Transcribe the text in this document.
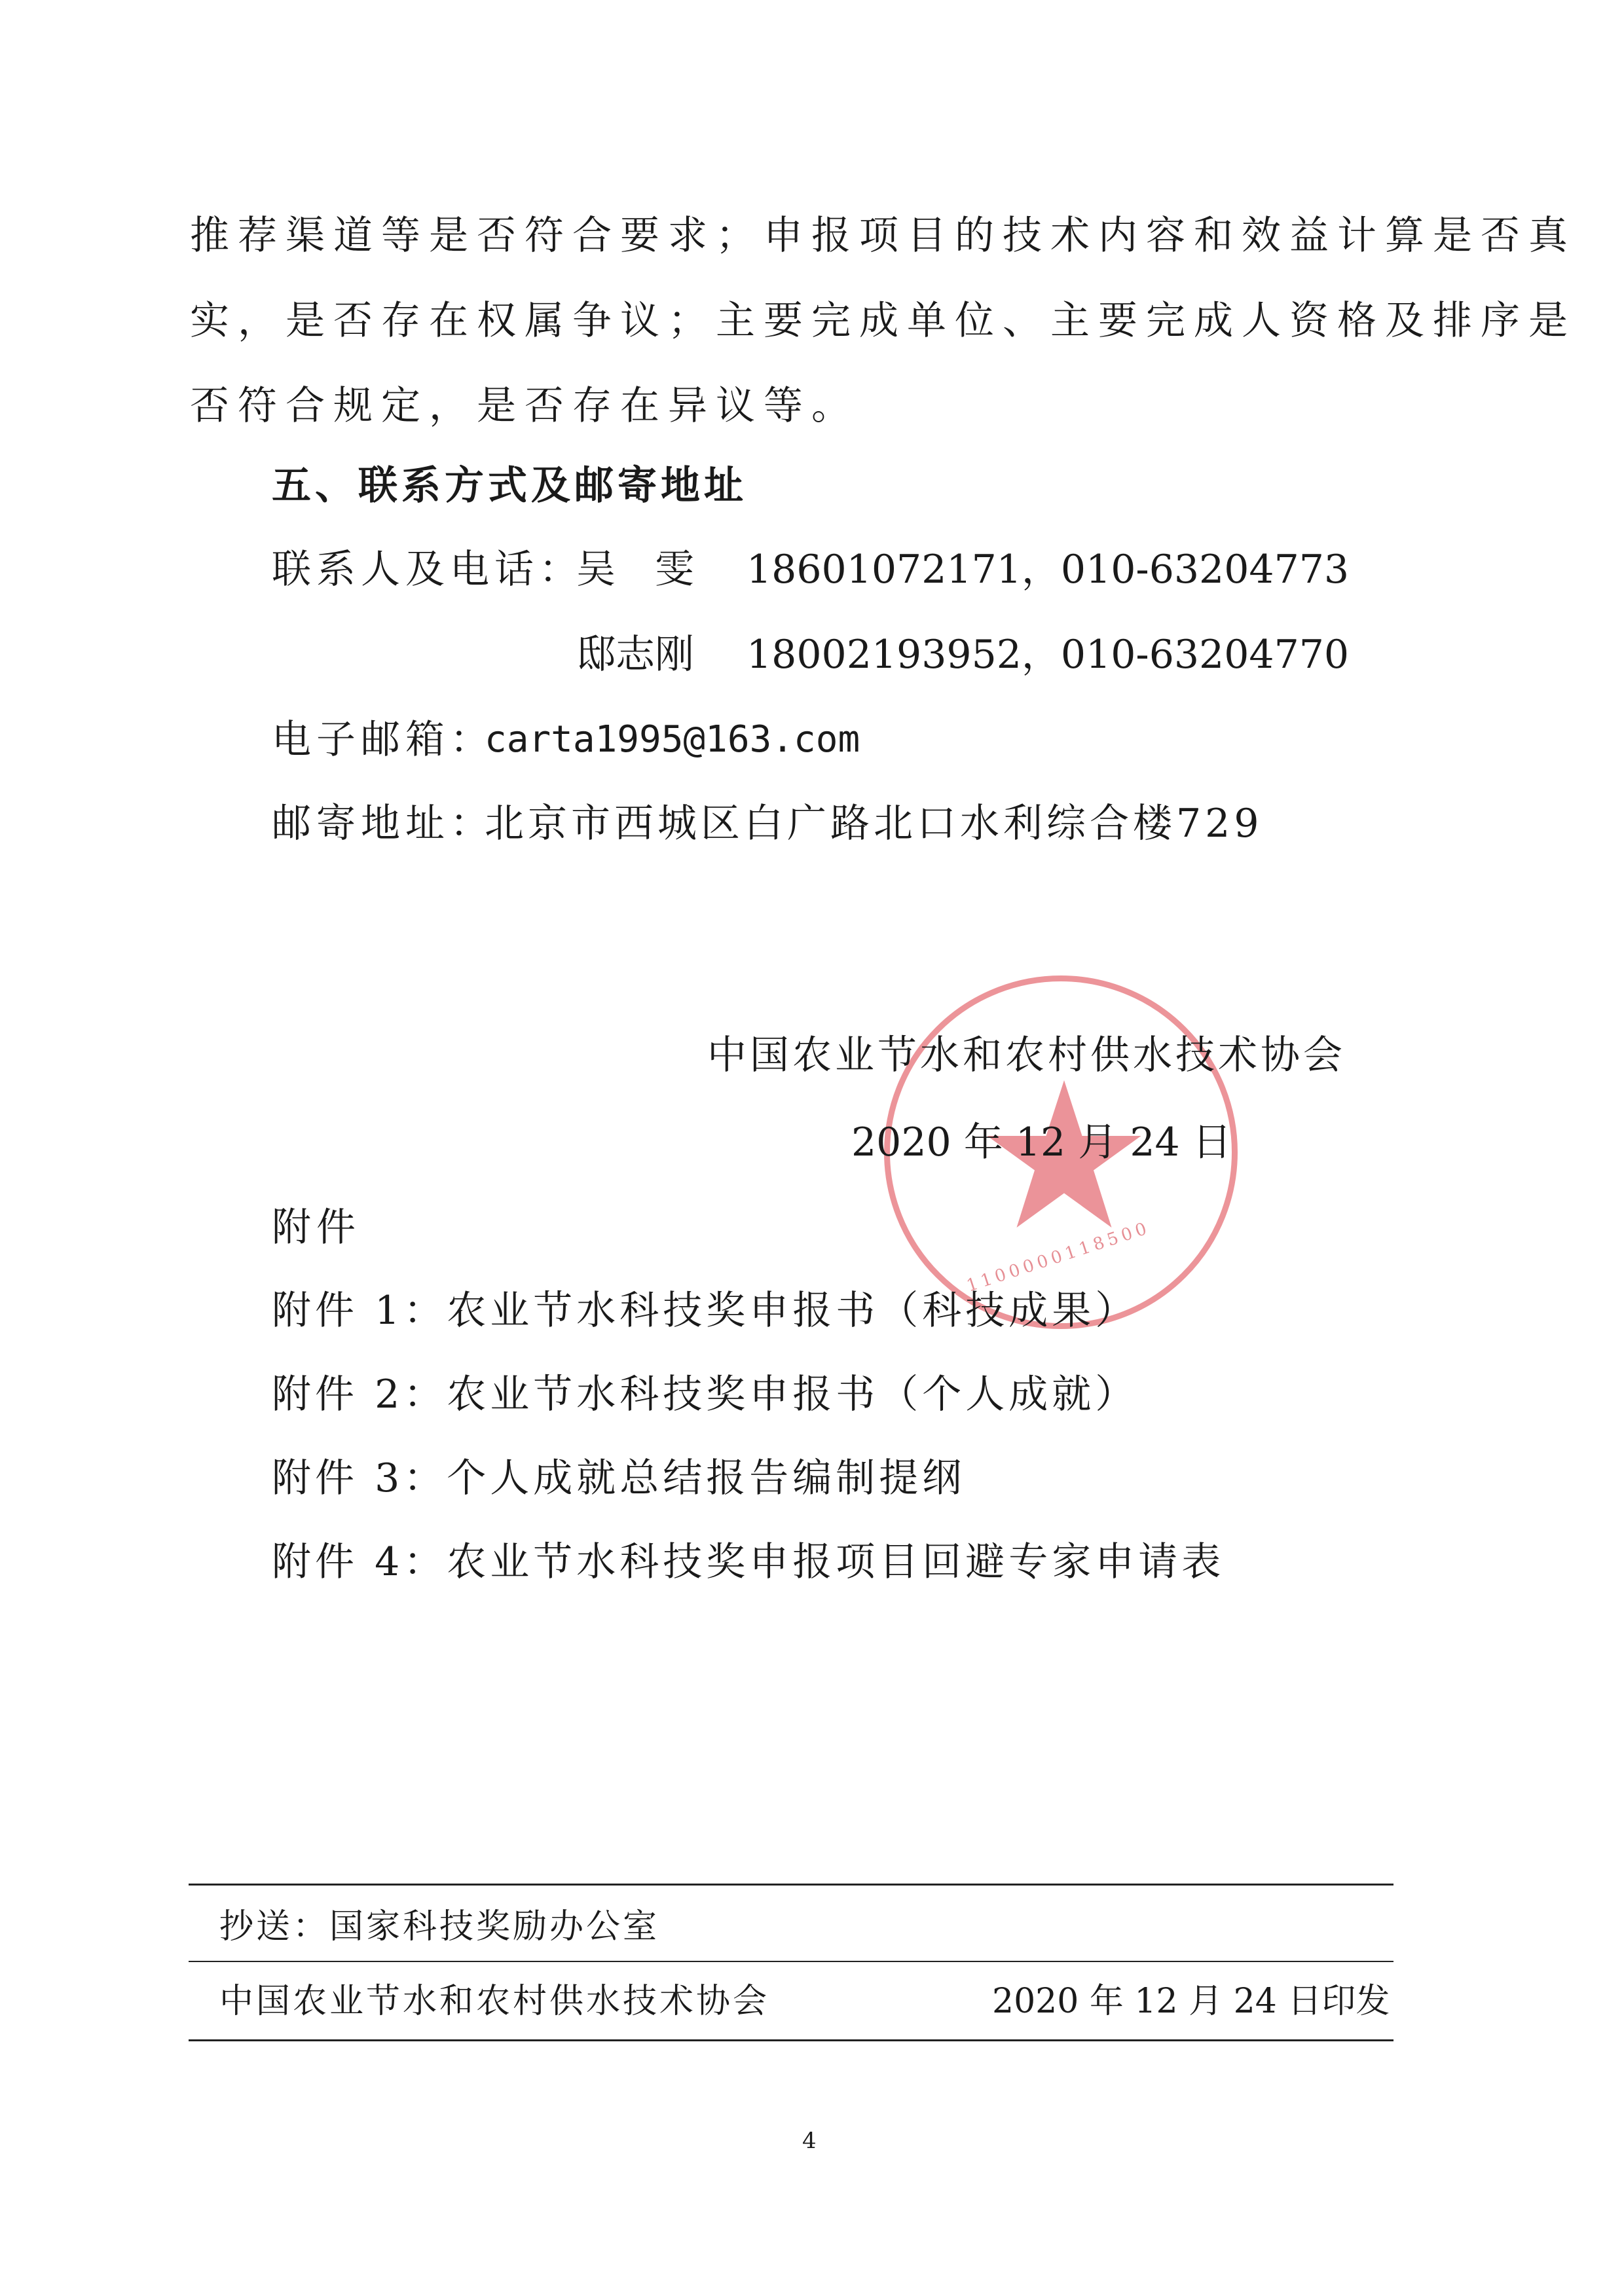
推荐渠道等是否符合要求；申报项目的技术内容和效益计算是否真
实，是否存在权属争议；主要完成单位、主要完成人资格及排序是
否符合规定，是否存在异议等。
五、联系方式及邮寄地址
联系人及电话：
吴　雯 18601072171，010-63204773
邸志刚 18002193952，010-63204770
电子邮箱：
carta1995@163.com
邮寄地址：
北京市西城区白广路北口水利综合楼729
1100000118500
中国农业节水和农村供水技术协会
2020 年 12 月 24 日
附件
附件 1：农业节水科技奖申报书（科技成果）
附件 2：农业节水科技奖申报书（个人成就）
附件 3：个人成就总结报告编制提纲
附件 4：农业节水科技奖申报项目回避专家申请表
抄送：国家科技奖励办公室
中国农业节水和农村供水技术协会	2020 年 12 月 24 日印发
4
